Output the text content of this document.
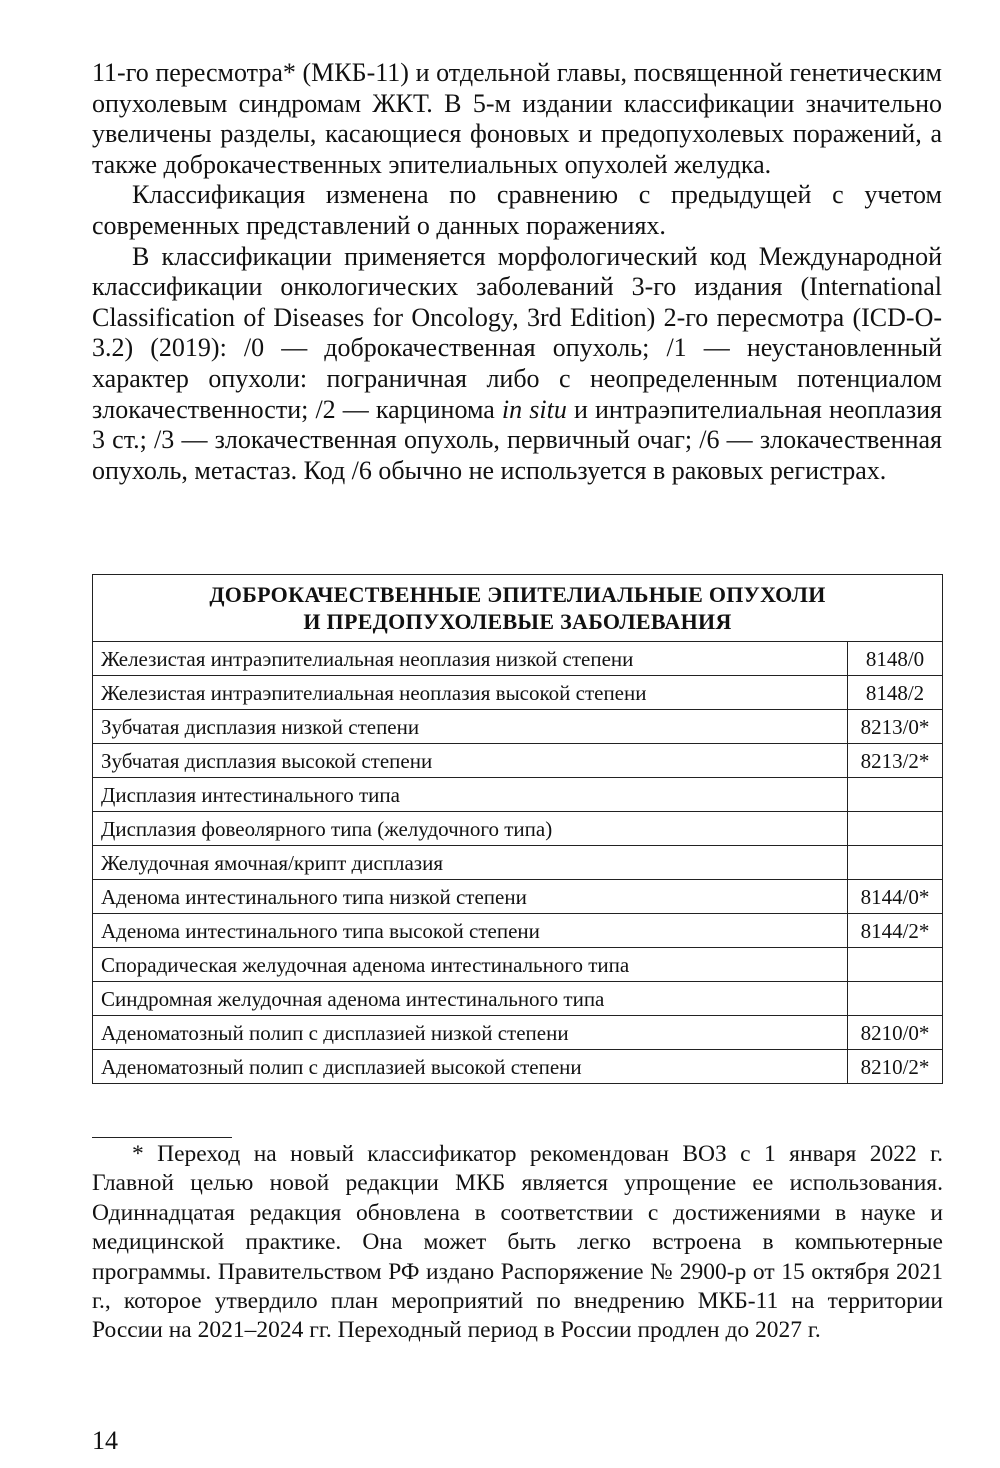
11-го пересмотра* (МКБ-11) и отдельной главы, посвященной генетическим опухолевым синдромам ЖКТ. В 5-м издании классификации значительно увеличены разделы, касающиеся фоновых и предопухолевых поражений, а также доброкачественных эпителиальных опухолей желудка.

Классификация изменена по сравнению с предыдущей с учетом современных представлений о данных поражениях.

В классификации применяется морфологический код Международной классификации онкологических заболеваний 3-го издания (International Classification of Diseases for Oncology, 3rd Edition) 2-го пересмотра (ICD-O-3.2) (2019): /0 — доброкачественная опухоль; /1 — неустановленный характер опухоли: пограничная либо с неопределенным потенциалом злокачественности; /2 — карцинома in situ и интраэпителиальная неоплазия 3 ст.; /3 — злокачественная опухоль, первичный очаг; /6 — злокачественная опухоль, метастаз. Код /6 обычно не используется в раковых регистрах.

ДОБРОКАЧЕСТВЕННЫЕ ЭПИТЕЛИАЛЬНЫЕ ОПУХОЛИ
И ПРЕДОПУХОЛЕВЫЕ ЗАБОЛЕВАНИЯ	
Железистая интраэпителиальная неоплазия низкой степени	8148/0
Железистая интраэпителиальная неоплазия высокой степени	8148/2
Зубчатая дисплазия низкой степени	8213/0*
Зубчатая дисплазия высокой степени	8213/2*
Дисплазия интестинального типа	
Дисплазия фовеолярного типа (желудочного типа)	
Желудочная ямочная/крипт дисплазия	
Аденома интестинального типа низкой степени	8144/0*
Аденома интестинального типа высокой степени	8144/2*
Спорадическая желудочная аденома интестинального типа	
Синдромная желудочная аденома интестинального типа	
Аденоматозный полип с дисплазией низкой степени	8210/0*
Аденоматозный полип с дисплазией высокой степени	8210/2*

* Переход на новый классификатор рекомендован ВОЗ с 1 января 2022 г. Главной целью новой редакции МКБ является упрощение ее использования. Одиннадцатая редакция обновлена в соответствии с достижениями в науке и медицинской практике. Она может быть легко встроена в компьютерные программы. Правительством РФ издано Распоряжение № 2900-р от 15 октября 2021 г., которое утвердило план мероприятий по внедрению МКБ-11 на территории России на 2021–2024 гг. Переходный период в России продлен до 2027 г.

14
